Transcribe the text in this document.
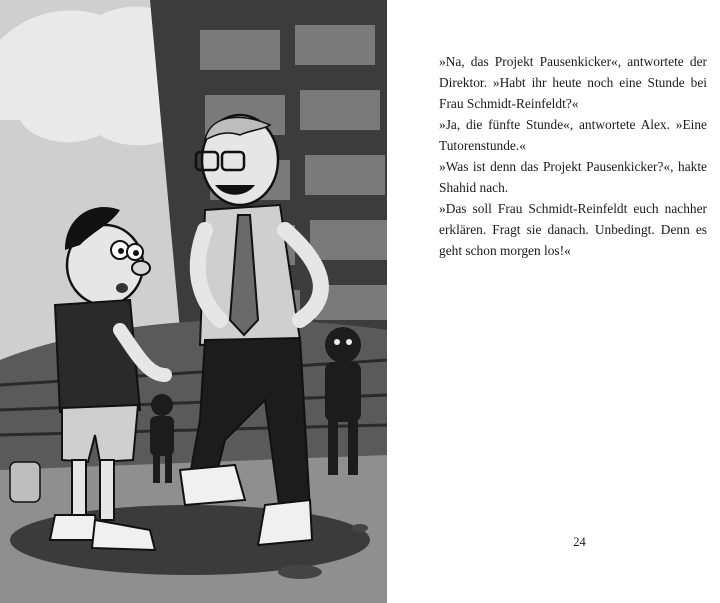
»Na, das Projekt Pausenkicker«, antwortete der Direktor. »Habt ihr heute noch eine Stunde bei Frau Schmidt-Reinfeldt?«

»Ja, die fünfte Stunde«, antwortete Alex. »Eine Tutorenstunde.«

»Was ist denn das Projekt Pausenkicker?«, hakte Shahid nach.

»Das soll Frau Schmidt-Reinfeldt euch nachher erklären. Fragt sie danach. Unbedingt. Denn es geht schon morgen los!«

24
